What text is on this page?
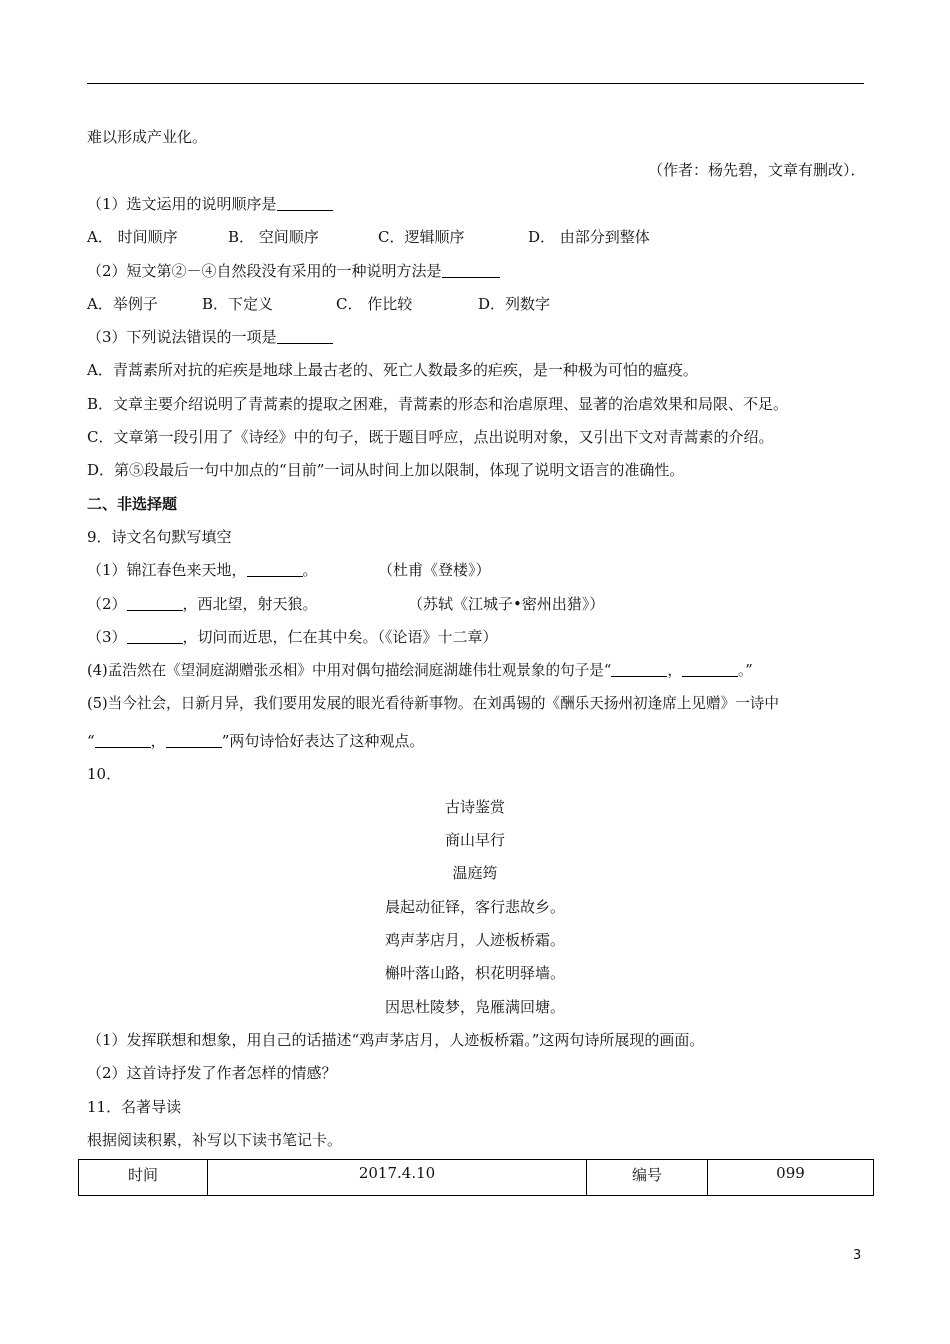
难以形成产业化。
（作者：杨先碧，文章有删改）．
（1）选文运用的说明顺序是
A． 时间顺序	B． 空间顺序	C．逻辑顺序	D． 由部分到整体
（2）短文第②－④自然段没有采用的一种说明方法是
A．举例子	B．下定义	C． 作比较	D．列数字
（3）下列说法错误的一项是
A．青蒿素所对抗的疟疾是地球上最古老的、死亡人数最多的疟疾，是一种极为可怕的瘟疫。
B．文章主要介绍说明了青蒿素的提取之困难，青蒿素的形态和治虐原理、显著的治虐效果和局限、不足。
C．文章第一段引用了《诗经》中的句子，既于题目呼应，点出说明对象，又引出下文对青蒿素的介绍。
D．第⑤段最后一句中加点的“目前”一词从时间上加以限制，体现了说明文语言的准确性。
二、非选择题
9．诗文名句默写填空
（1）锦江春色来天地，	。	（杜甫《登楼》）
（2）	，西北望，射天狼。	（苏轼《江城子•密州出猎》）
（3）	，切问而近思，仁在其中矣。（《论语》十二章）
(4)孟浩然在《望洞庭湖赠张丞相》中用对偶句描绘洞庭湖雄伟壮观景象的句子是“	，	。”
(5)当今社会，日新月异，我们要用发展的眼光看待新事物。在刘禹锡的《酬乐天扬州初逢席上见赠》一诗中
“	，	”两句诗恰好表达了这种观点。
10．
古诗鉴赏
商山早行
温庭筠
晨起动征铎，客行悲故乡。
鸡声茅店月，人迹板桥霜。
槲叶落山路，枳花明驿墙。
因思杜陵梦，凫雁满回塘。
（1）发挥联想和想象，用自己的话描述“鸡声茅店月，人迹板桥霜。”这两句诗所展现的画面。
（2）这首诗抒发了作者怎样的情感？
11．名著导读
根据阅读积累，补写以下读书笔记卡。
时间	2017.4.10	编号	099
3
